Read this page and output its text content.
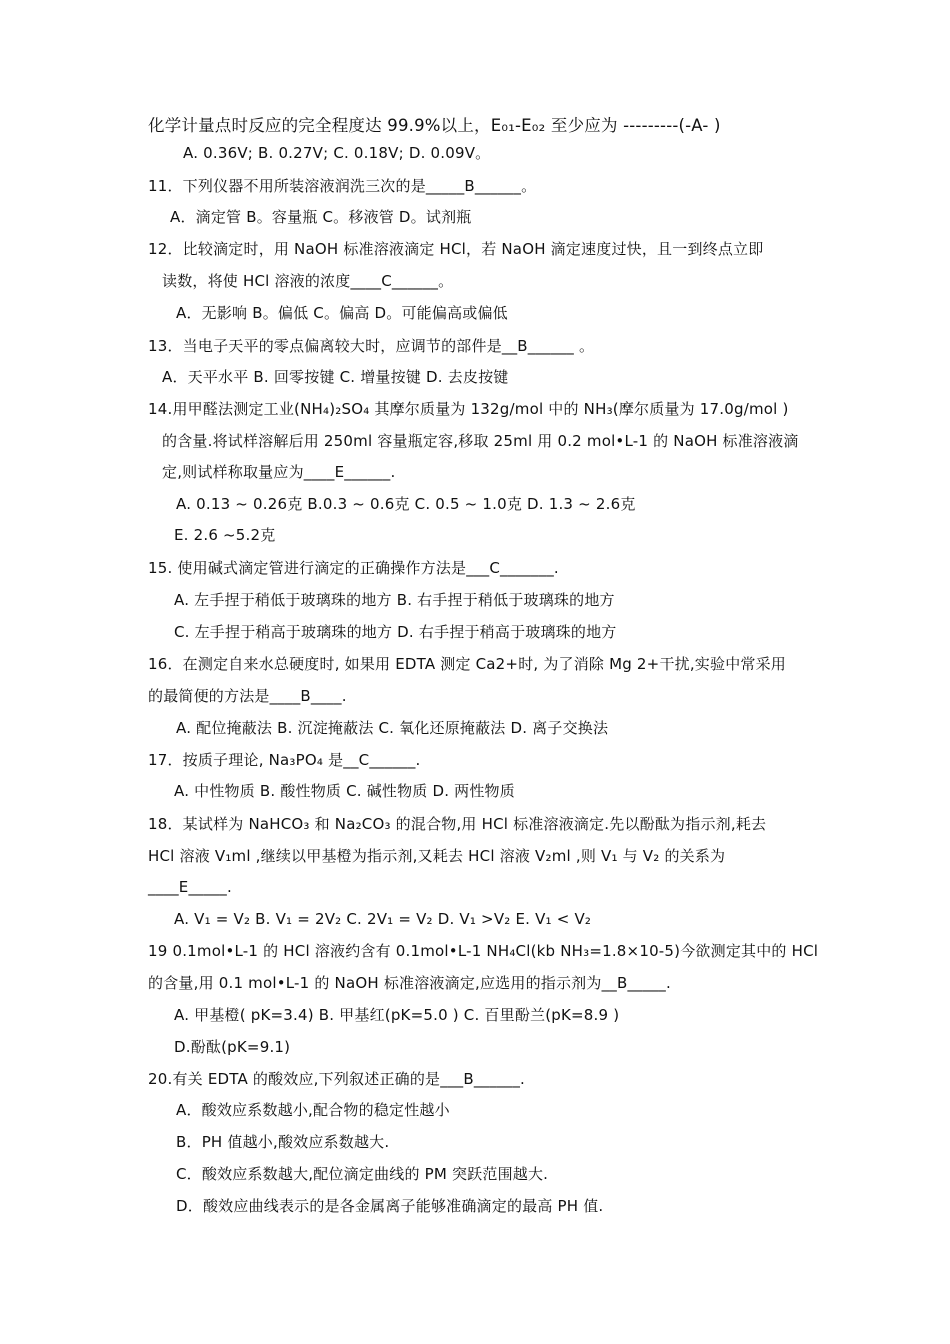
化学计量点时反应的完全程度达 99.9%以上，E₀₁-E₀₂ 至少应为 ---------(-A- )
A. 0.36V; B. 0.27V; C. 0.18V; D. 0.09V。
11．下列仪器不用所装溶液润洗三次的是_____B______。
A．滴定管 B。容量瓶 C。移液管 D。试剂瓶
12．比较滴定时，用 NaOH 标准溶液滴定 HCl，若 NaOH 滴定速度过快，且一到终点立即
读数，将使 HCl 溶液的浓度____C______。
A．无影响 B。偏低 C。偏高 D。可能偏高或偏低
13．当电子天平的零点偏离较大时，应调节的部件是__B______ 。
A．天平水平 B. 回零按键 C. 增量按键 D. 去皮按键
14.用甲醛法测定工业(NH₄)₂SO₄ 其摩尔质量为 132g/mol 中的 NH₃(摩尔质量为 17.0g/mol )
的含量.将试样溶解后用 250ml 容量瓶定容,移取 25ml 用 0.2 mol•L-1 的 NaOH 标准溶液滴
定,则试样称取量应为____E______.
A. 0.13 ~ 0.26克 B.0.3 ~ 0.6克 C. 0.5 ~ 1.0克 D. 1.3 ~ 2.6克
E. 2.6 ~5.2克
15. 使用碱式滴定管进行滴定的正确操作方法是___C_______.
A. 左手捏于稍低于玻璃珠的地方 B. 右手捏于稍低于玻璃珠的地方
C. 左手捏于稍高于玻璃珠的地方 D. 右手捏于稍高于玻璃珠的地方
16．在测定自来水总硬度时, 如果用 EDTA 测定 Ca2+时, 为了消除 Mg 2+干扰,实验中常采用
的最简便的方法是____B____.
A. 配位掩蔽法 B. 沉淀掩蔽法 C. 氧化还原掩蔽法 D. 离子交换法
17．按质子理论, Na₃PO₄ 是__C______.
A. 中性物质 B. 酸性物质 C. 碱性物质 D. 两性物质
18．某试样为 NaHCO₃ 和 Na₂CO₃ 的混合物,用 HCl 标准溶液滴定.先以酚酞为指示剂,耗去
HCl 溶液 V₁ml ,继续以甲基橙为指示剂,又耗去 HCl 溶液 V₂ml ,则 V₁ 与 V₂ 的关系为
____E_____.
A. V₁ = V₂ B. V₁ = 2V₂ C. 2V₁ = V₂ D. V₁ >V₂ E. V₁ < V₂
19 0.1mol•L-1 的 HCl 溶液约含有 0.1mol•L-1 NH₄Cl(kb NH₃=1.8×10-5)今欲测定其中的 HCl
的含量,用 0.1 mol•L-1 的 NaOH 标准溶液滴定,应选用的指示剂为__B_____.
A. 甲基橙( pK=3.4) B. 甲基红(pK=5.0 ) C. 百里酚兰(pK=8.9 )
D.酚酞(pK=9.1)
20.有关 EDTA 的酸效应,下列叙述正确的是___B______.
A．酸效应系数越小,配合物的稳定性越小
B．PH 值越小,酸效应系数越大.
C．酸效应系数越大,配位滴定曲线的 PM 突跃范围越大.
D．酸效应曲线表示的是各金属离子能够准确滴定的最高 PH 值.
